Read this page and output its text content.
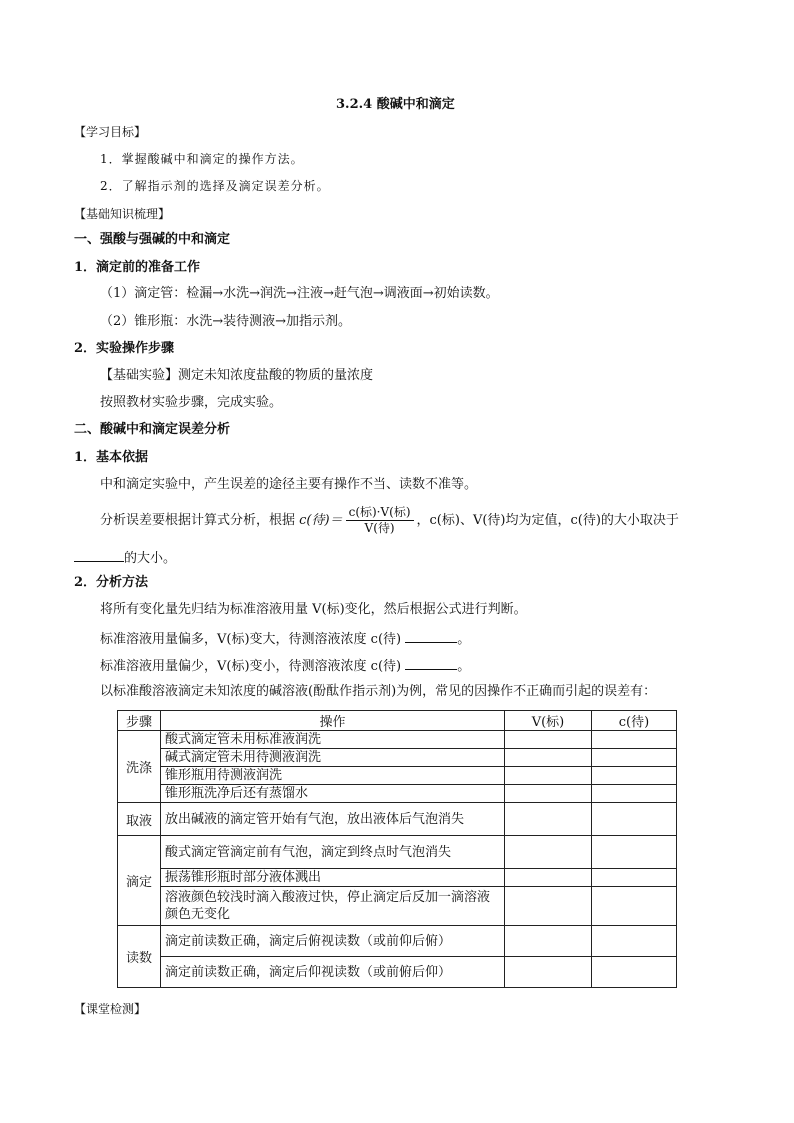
3.2.4 酸碱中和滴定
【学习目标】
1．掌握酸碱中和滴定的操作方法。
2．了解指示剂的选择及滴定误差分析。
【基础知识梳理】
一、强酸与强碱的中和滴定
1．滴定前的准备工作
（1）滴定管：检漏→水洗→润洗→注液→赶气泡→调液面→初始读数。
（2）锥形瓶：水洗→装待测液→加指示剂。
2．实验操作步骤
【基础实验】测定未知浓度盐酸的物质的量浓度
按照教材实验步骤，完成实验。
二、酸碱中和滴定误差分析
1．基本依据
中和滴定实验中，产生误差的途径主要有操作不当、读数不准等。
分析误差要根据计算式分析，根据 c(待)＝ $\frac{\text{c(标)·V(标)}}{\text{V(待)}}$ ，c(标)、V(待)均为定值，c(待)的大小取决于
的大小。
2．分析方法
将所有变化量先归结为标准溶液用量 V(标)变化，然后根据公式进行判断。
标准溶液用量偏多，V(标)变大，待测溶液浓度 c(待)	。
标准溶液用量偏少，V(标)变小，待测溶液浓度 c(待)	。
以标准酸溶液滴定未知浓度的碱溶液(酚酞作指示剂)为例，常见的因操作不正确而引起的误差有：
步骤	操作	V(标)	c(待)
洗涤	酸式滴定管未用标准液润洗		
	碱式滴定管未用待测液润洗		
	锥形瓶用待测液润洗		
	锥形瓶洗净后还有蒸馏水		
取液	放出碱液的滴定管开始有气泡，放出液体后气泡消失		
滴定	酸式滴定管滴定前有气泡，滴定到终点时气泡消失		
	振荡锥形瓶时部分液体溅出		
	溶液颜色较浅时滴入酸液过快，停止滴定后反加一滴溶液颜色无变化		
读数	滴定前读数正确，滴定后俯视读数（或前仰后俯）		
	滴定前读数正确，滴定后仰视读数（或前俯后仰）		
【课堂检测】
